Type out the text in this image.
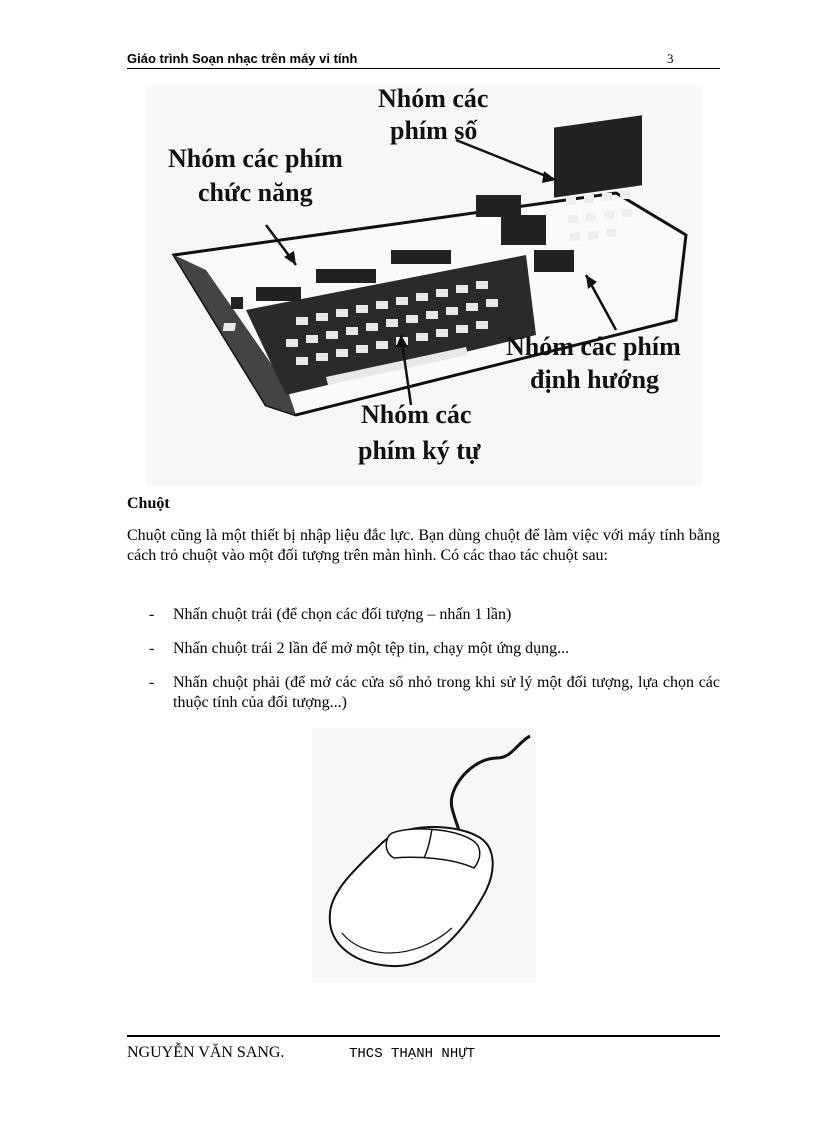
Giáo trình Soạn nhạc trên máy vi tính	3
Nhóm các
phím số
Nhóm các phím
chức năng
Nhóm các phím
định hướng
Nhóm các
phím ký tự
Chuột
Chuột cũng là một thiết bị nhập liệu đắc lực. Bạn dùng chuột để làm việc với máy tính bằng cách trỏ chuột vào một đối tượng trên màn hình. Có các thao tác chuột sau:
- Nhấn chuột trái (để chọn các đối tượng – nhấn 1 lần)
- Nhấn chuột trái 2 lần để mở một tệp tin, chạy một ứng dụng...
- Nhấn chuột phải (để mở các cửa sổ nhỏ trong khi sử lý một đối tượng, lựa chọn các thuộc tính của đối tượng...)
NGUYỄN VĂN SANG.	THCS THẠNH NHỰT
